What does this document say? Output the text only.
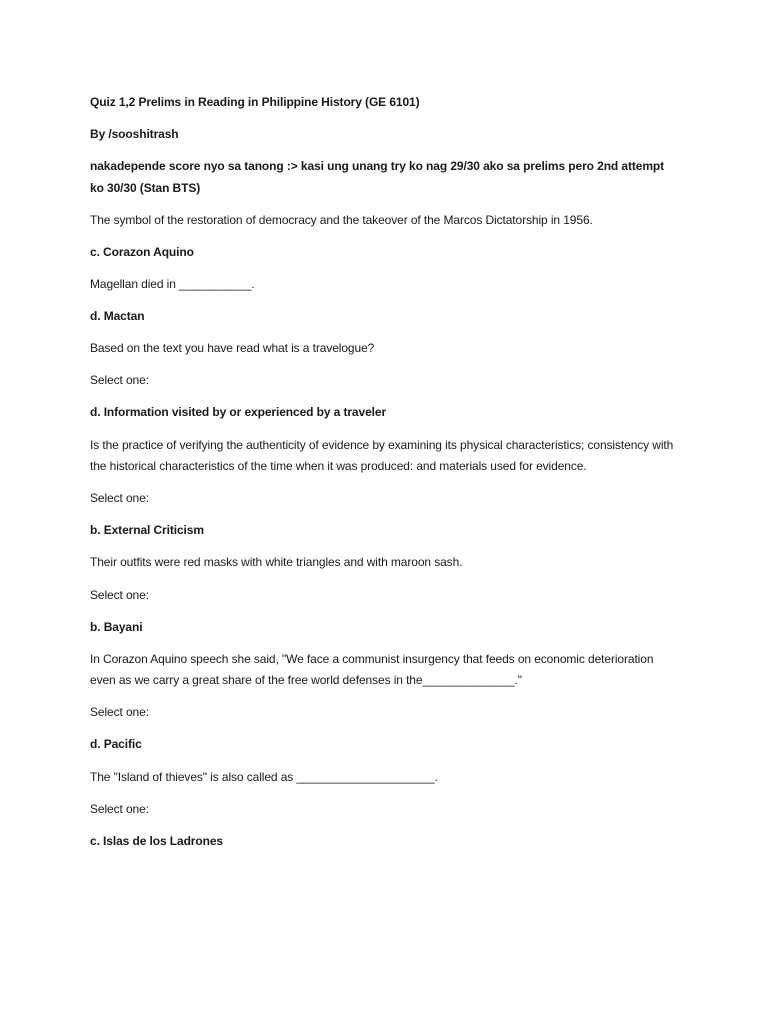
Quiz 1,2 Prelims in Reading in Philippine History (GE 6101)

By /sooshitrash

nakadepende score nyo sa tanong :> kasi ung unang try ko nag 29/30 ako sa prelims pero 2nd attempt ko 30/30 (Stan BTS)

The symbol of the restoration of democracy and the takeover of the Marcos Dictatorship in 1956.

c. Corazon Aquino

Magellan died in ___________.

d. Mactan

Based on the text you have read what is a travelogue?

Select one:

d. Information visited by or experienced by a traveler

Is the practice of verifying the authenticity of evidence by examining its physical characteristics; consistency with the historical characteristics of the time when it was produced: and materials used for evidence.

Select one:

b. External Criticism

Their outfits were red masks with white triangles and with maroon sash.

Select one:

b. Bayani

In Corazon Aquino speech she said, "We face a communist insurgency that feeds on economic deterioration even as we carry a great share of the free world defenses in the______________."

Select one:

d. Pacific

The "Island of thieves" is also called as _____________________.

Select one:

c. Islas de los Ladrones
